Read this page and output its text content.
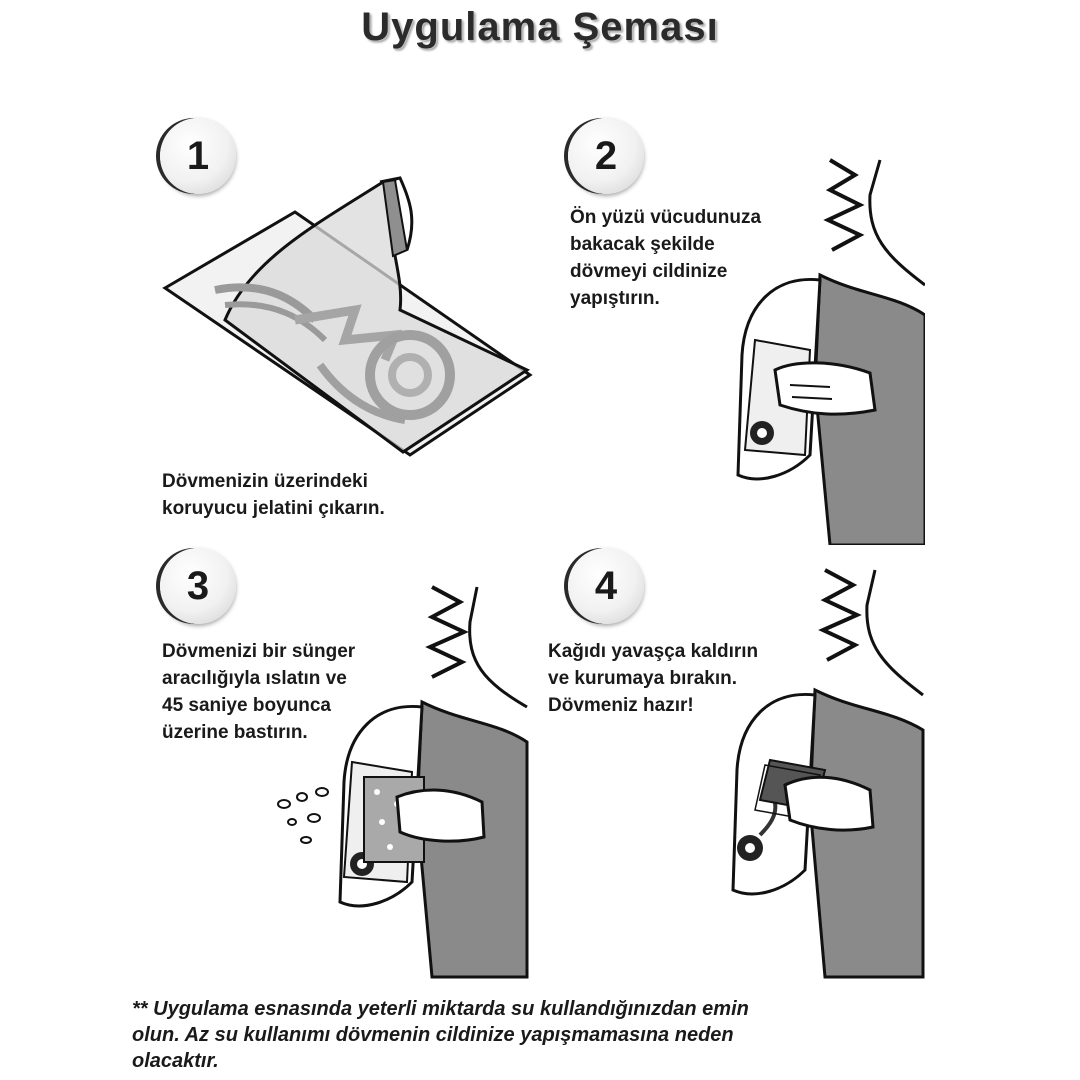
Uygulama Şeması
1
Dövmenizin üzerindeki
koruyucu jelatini çıkarın.
2
Ön yüzü vücudunuza
bakacak şekilde
dövmeyi cildinize
yapıştırın.
3
Dövmenizi bir sünger
aracılığıyla ıslatın ve
45 saniye boyunca
üzerine bastırın.
4
Kağıdı yavaşça kaldırın
ve kurumaya bırakın.
Dövmeniz hazır!
** Uygulama esnasında yeterli miktarda su kullandığınızdan emin
olun. Az su kullanımı dövmenin cildinize yapışmamasına neden
olacaktır.
